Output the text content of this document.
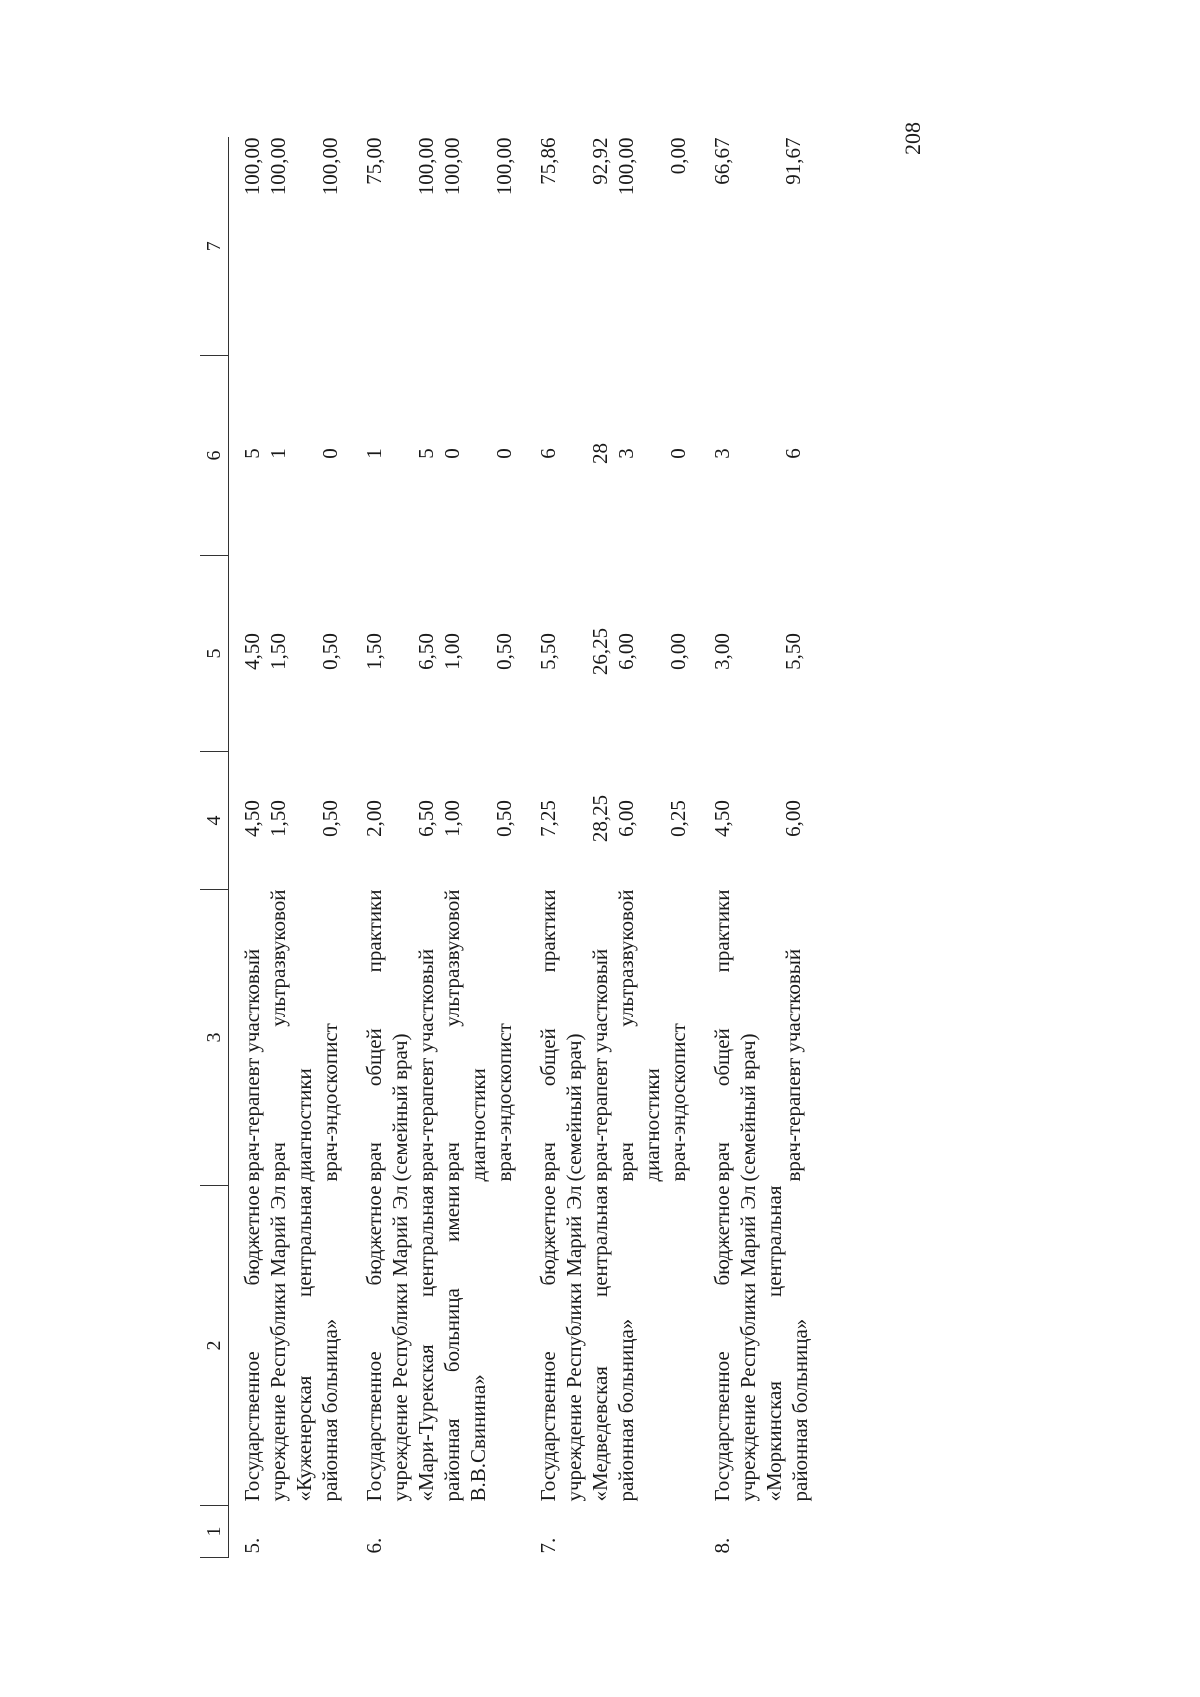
208
1	2	3	4	5	6	7
5.	Государственное бюджетное учреждение Республики Марий Эл «Куженерская центральная районная больница»	врач-терапевт участковый	4,50	4,50	5	100,00
		врач ультразвуковой диагностики	1,50	1,50	1	100,00
		врач-эндоскопист	0,50	0,50	0	100,00
6.	Государственное бюджетное учреждение Республики Марий Эл «Мари-Турекская центральная районная больница имени В.В.Свинина»	врач общей практики (семейный врач)	2,00	1,50	1	75,00
		врач-терапевт участковый	6,50	6,50	5	100,00
		врач ультразвуковой диагностики	1,00	1,00	0	100,00
		врач-эндоскопист	0,50	0,50	0	100,00
7.	Государственное бюджетное учреждение Республики Марий Эл «Медведевская центральная районная больница»	врач общей практики (семейный врач)	7,25	5,50	6	75,86
		врач-терапевт участковый	28,25	26,25	28	92,92
		врач ультразвуковой диагностики	6,00	6,00	3	100,00
		врач-эндоскопист	0,25	0,00	0	0,00
8.	Государственное бюджетное учреждение Республики Марий Эл «Моркинская центральная районная больница»	врач общей практики (семейный врач)	4,50	3,00	3	66,67
		врач-терапевт участковый	6,00	5,50	6	91,67
